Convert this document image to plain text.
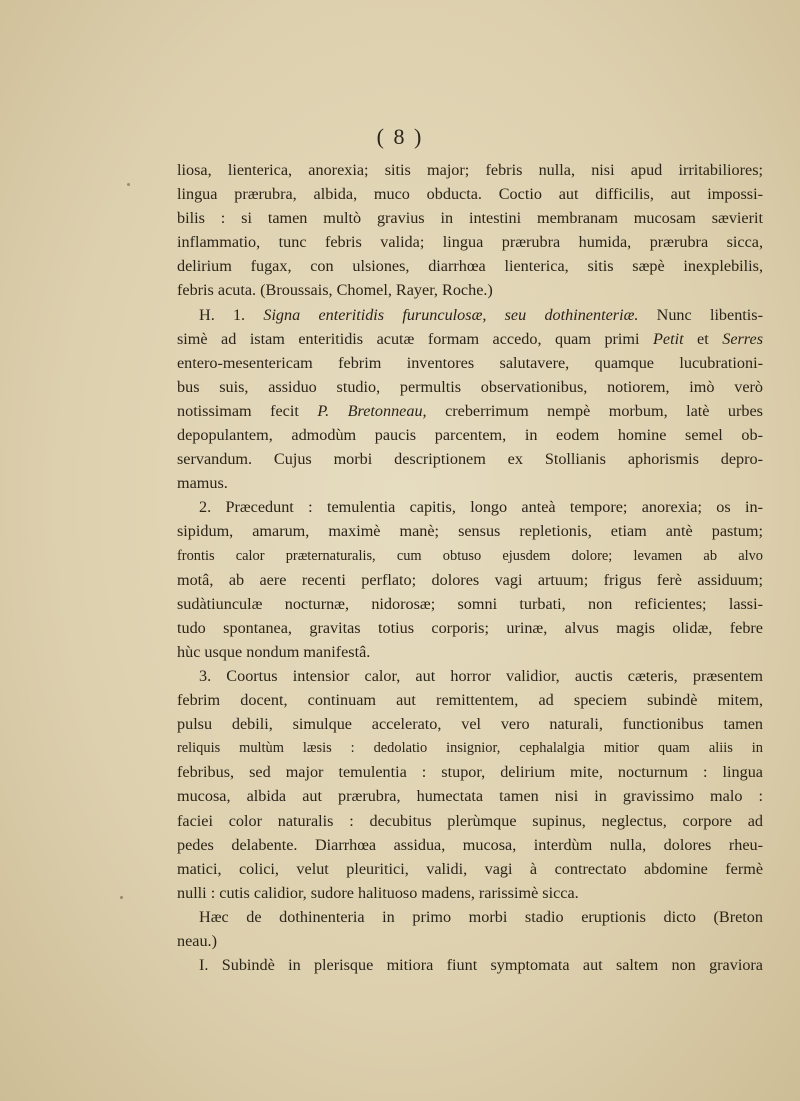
( 8 )
liosa, lienterica, anorexia; sitis major; febris nulla, nisi apud irritabiliores;
lingua prærubra, albida, muco obducta. Coctio aut difficilis, aut impossi-
bilis : si tamen multò gravius in intestini membranam mucosam sævierit
inflammatio, tunc febris valida; lingua prærubra humida, prærubra sicca,
delirium fugax, con ulsiones, diarrhœa lienterica, sitis sæpè inexplebilis,
febris acuta. (Broussais, Chomel, Rayer, Roche.)
H. 1. Signa enteritidis furunculosæ, seu dothinenteriæ. Nunc libentis-
simè ad istam enteritidis acutæ formam accedo, quam primi Petit et Serres
entero-mesentericam febrim inventores salutavere, quamque lucubrationi-
bus suis, assiduo studio, permultis observationibus, notiorem, imò verò
notissimam fecit P. Bretonneau, creberrimum nempè morbum, latè urbes
depopulantem, admodùm paucis parcentem, in eodem homine semel ob-
servandum. Cujus morbi descriptionem ex Stollianis aphorismis depro-
mamus.
2. Præcedunt : temulentia capitis, longo anteà tempore; anorexia; os in-
sipidum, amarum, maximè manè; sensus repletionis, etiam antè pastum;
frontis calor præternaturalis, cum obtuso ejusdem dolore; levamen ab alvo
motâ, ab aere recenti perflato; dolores vagi artuum; frigus ferè assiduum;
sudàtiunculæ nocturnæ, nidorosæ; somni turbati, non reficientes; lassi-
tudo spontanea, gravitas totius corporis; urinæ, alvus magis olidæ, febre
hùc usque nondum manifestâ.
3. Coortus intensior calor, aut horror validior, auctis cæteris, præsentem
febrim docent, continuam aut remittentem, ad speciem subindè mitem,
pulsu debili, simulque accelerato, vel vero naturali, functionibus tamen
reliquis multùm læsis : dedolatio insignior, cephalalgia mitior quam aliis in
febribus, sed major temulentia : stupor, delirium mite, nocturnum : lingua
mucosa, albida aut prærubra, humectata tamen nisi in gravissimo malo :
faciei color naturalis : decubitus plerùmque supinus, neglectus, corpore ad
pedes delabente. Diarrhœa assidua, mucosa, interdùm nulla, dolores rheu-
matici, colici, velut pleuritici, validi, vagi à contrectato abdomine fermè
nulli : cutis calidior, sudore halituoso madens, rarissimè sicca.
Hæc de dothinenteria in primo morbi stadio eruptionis dicto (Breton
neau.)
I. Subindè in plerisque mitiora fiunt symptomata aut saltem non graviora
